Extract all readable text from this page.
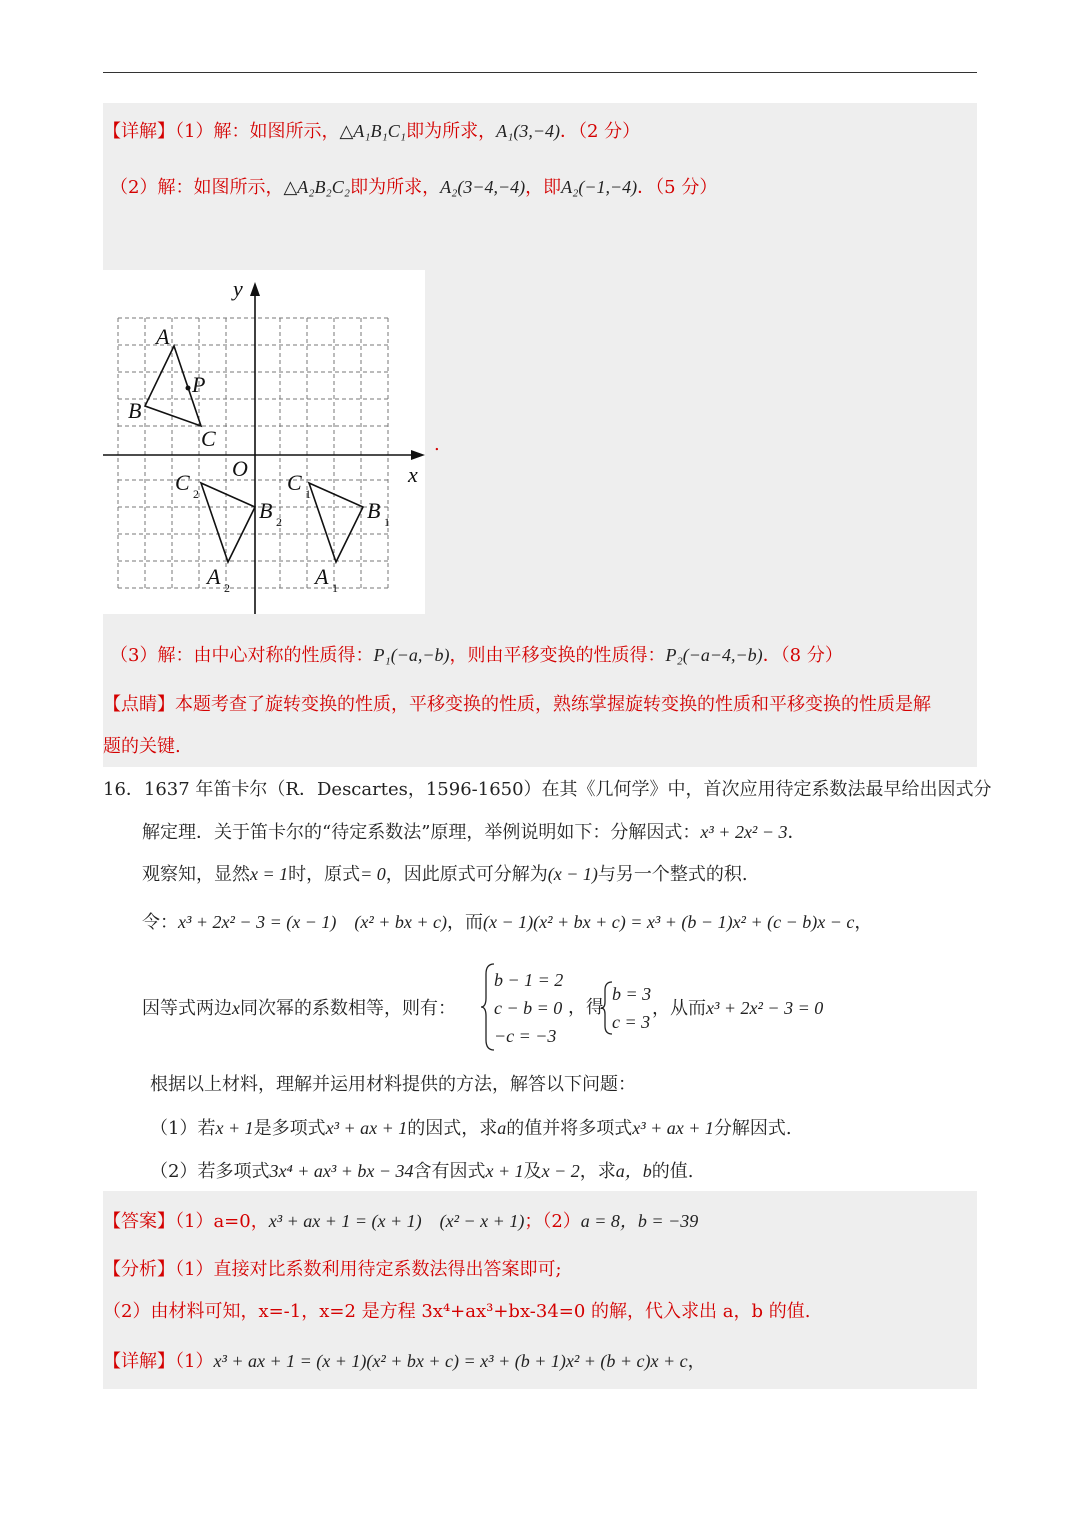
【详解】（1）解：如图所示，△A₁B₁C₁即为所求，A₁(3,−4)．（2 分）
（2）解：如图所示，△A₂B₂C₂即为所求，A₂(3−4,−4)，即A₂(−1,−4)．（5 分）
x
y
O
A
B
C
P
C
B
A
C
B
A
1
1
1
2
2
2
.
（3）解：由中心对称的性质得：P₁(−a,−b)，则由平移变换的性质得：P₂(−a−4,−b)．（8 分）
【点睛】本题考查了旋转变换的性质，平移变换的性质，熟练掌握旋转变换的性质和平移变换的性质是解
题的关键.
16．1637 年笛卡尔（R．Descartes，1596-1650）在其《几何学》中，首次应用待定系数法最早给出因式分
解定理．关于笛卡尔的“待定系数法”原理，举例说明如下：分解因式：x³ + 2x² − 3．
观察知，显然x = 1时，原式= 0，因此原式可分解为(x − 1)与另一个整式的积.
令：x³ + 2x² − 3 = (x − 1)　(x² + bx + c)，而(x − 1)(x² + bx + c) = x³ + (b − 1)x² + (c − b)x − c，
因等式两边x同次幂的系数相等，则有：
b − 1 = 2
c − b = 0
−c = −3
，得
b = 3
c = 3
，从而x³ + 2x² − 3 = 0
根据以上材料，理解并运用材料提供的方法，解答以下问题：
（1）若x + 1是多项式x³ + ax + 1的因式，求a的值并将多项式x³ + ax + 1分解因式.
（2）若多项式3x⁴ + ax³ + bx − 34含有因式x + 1及x − 2，求a，b的值.
【答案】（1）a=0，x³ + ax + 1 = (x + 1)　(x² − x + 1)；（2）a = 8，b = −39
【分析】（1）直接对比系数利用待定系数法得出答案即可;
（2）由材料可知，x=-1，x=2 是方程 3x⁴+ax³+bx-34=0 的解，代入求出 a，b 的值.
【详解】（1）x³ + ax + 1 = (x + 1)(x² + bx + c) = x³ + (b + 1)x² + (b + c)x + c，
